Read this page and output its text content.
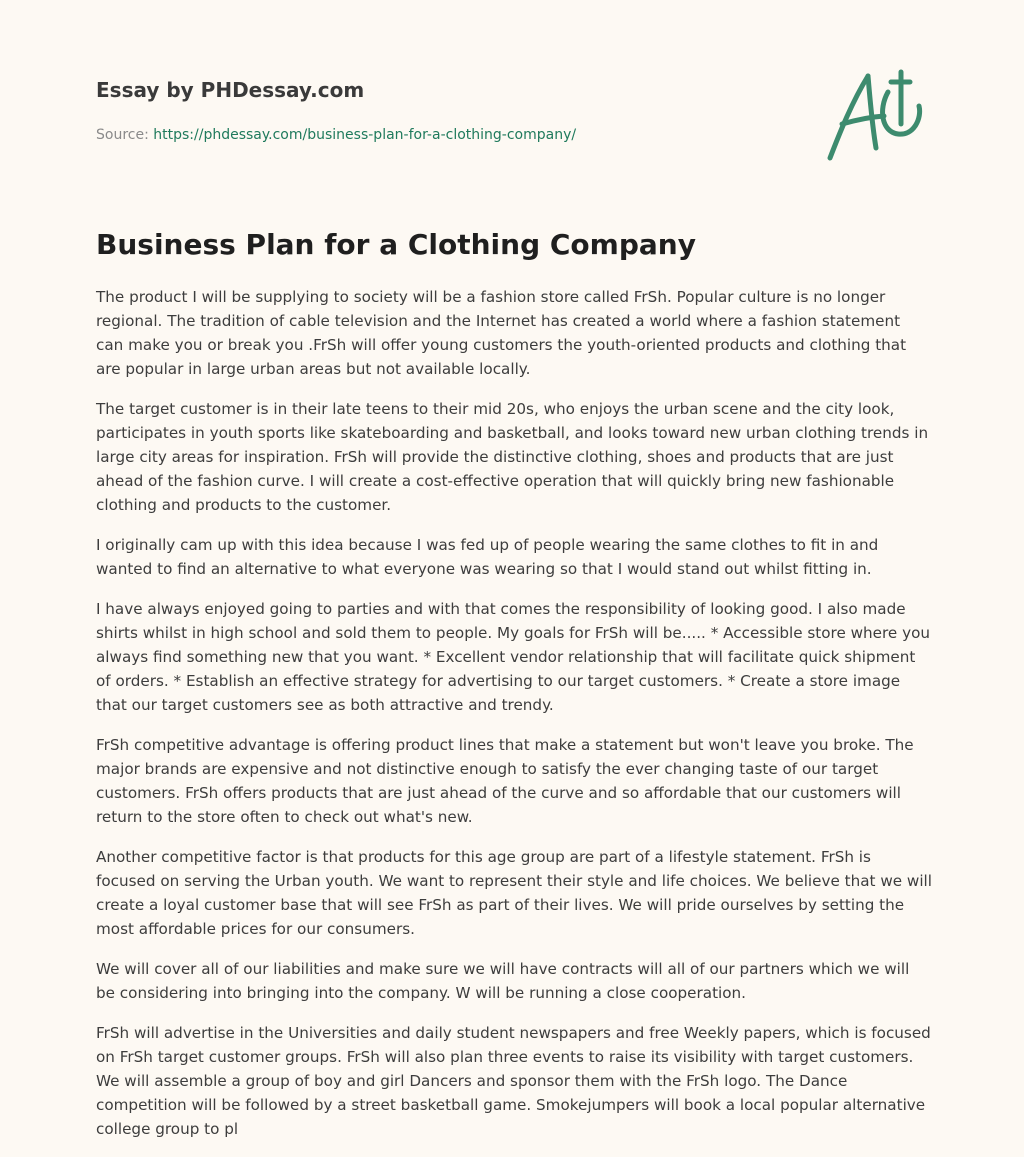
Essay by PHDessay.com
Source: https://phdessay.com/business-plan-for-a-clothing-company/
Business Plan for a Clothing Company

The product I will be supplying to society will be a fashion store called FrSh. Popular culture is no longer regional. The tradition of cable television and the Internet has created a world where a fashion statement can make you or break you .FrSh will offer young customers the youth-oriented products and clothing that are popular in large urban areas but not available locally.

The target customer is in their late teens to their mid 20s, who enjoys the urban scene and the city look, participates in youth sports like skateboarding and basketball, and looks toward new urban clothing trends in large city areas for inspiration. FrSh will provide the distinctive clothing, shoes and products that are just ahead of the fashion curve. I will create a cost-effective operation that will quickly bring new fashionable clothing and products to the customer.

I originally cam up with this idea because I was fed up of people wearing the same clothes to fit in and wanted to find an alternative to what everyone was wearing so that I would stand out whilst fitting in.

I have always enjoyed going to parties and with that comes the responsibility of looking good. I also made shirts whilst in high school and sold them to people. My goals for FrSh will be..... * Accessible store where you always find something new that you want. * Excellent vendor relationship that will facilitate quick shipment of orders. * Establish an effective strategy for advertising to our target customers. * Create a store image that our target customers see as both attractive and trendy.

FrSh competitive advantage is offering product lines that make a statement but won't leave you broke. The major brands are expensive and not distinctive enough to satisfy the ever changing taste of our target customers. FrSh offers products that are just ahead of the curve and so affordable that our customers will return to the store often to check out what's new.

Another competitive factor is that products for this age group are part of a lifestyle statement. FrSh is focused on serving the Urban youth. We want to represent their style and life choices. We believe that we will create a loyal customer base that will see FrSh as part of their lives. We will pride ourselves by setting the most affordable prices for our consumers.

We will cover all of our liabilities and make sure we will have contracts will all of our partners which we will be considering into bringing into the company. W will be running a close cooperation.

FrSh will advertise in the Universities and daily student newspapers and free Weekly papers, which is focused on FrSh target customer groups. FrSh will also plan three events to raise its visibility with target customers. We will assemble a group of boy and girl Dancers and sponsor them with the FrSh logo. The Dance competition will be followed by a street basketball game. Smokejumpers will book a local popular alternative college group to pl
